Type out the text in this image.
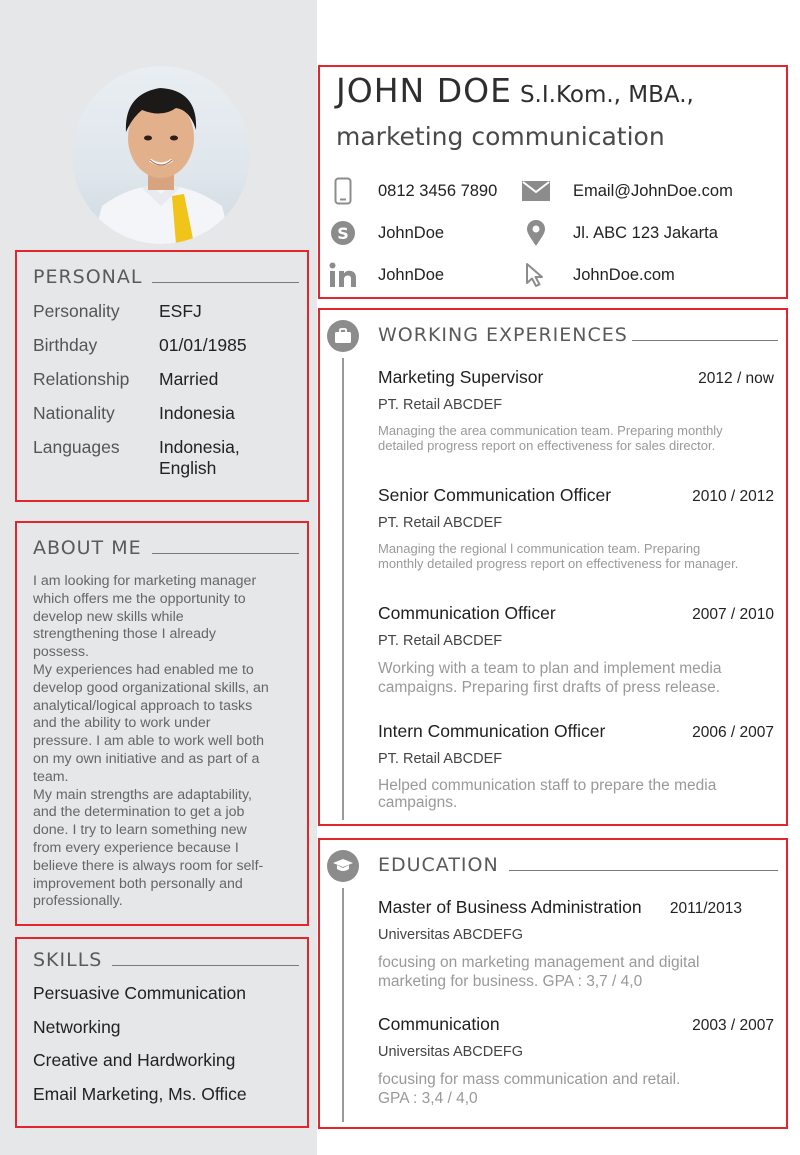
PERSONAL
Personality	ESFJ
Birthday	01/01/1985
Relationship	Married
Nationality	Indonesia
Languages	Indonesia,
English
ABOUT ME
I am looking for marketing manager
which offers me the opportunity to
develop new skills while
strengthening those I already
possess.
My experiences had enabled me to
develop good organizational skills, an
analytical/logical approach to tasks
and the ability to work under
pressure. I am able to work well both
on my own initiative and as part of a
team.
My main strengths are adaptability,
and the determination to get a job
done. I try to learn something new
from every experience because I
believe there is always room for self-
improvement both personally and
professionally.
SKILLS
Persuasive Communication
Networking
Creative and Hardworking
Email Marketing, Ms. Office
JOHN DOE S.I.Kom., MBA.,
marketing communication
0812 3456 7890	Email@JohnDoe.com
S JohnDoe	Jl. ABC 123 Jakarta
JohnDoe	JohnDoe.com
WORKING EXPERIENCES
Marketing Supervisor	2012 / now
PT. Retail ABCDEF
Managing the area communication team. Preparing monthly
detailed progress report on effectiveness for sales director.
Senior Communication Officer	2010 / 2012
PT. Retail ABCDEF
Managing the regional l communication team. Preparing
monthly detailed progress report on effectiveness for manager.
Communication Officer	2007 / 2010
PT. Retail ABCDEF
Working with a team to plan and implement media
campaigns. Preparing first drafts of press release.
Intern Communication Officer	2006 / 2007
PT. Retail ABCDEF
Helped communication staff to prepare the media
campaigns.
EDUCATION
Master of Business Administration 2011/2013
Universitas ABCDEFG
focusing on marketing management and digital
marketing for business. GPA : 3,7 / 4,0
Communication	2003 / 2007
Universitas ABCDEFG
focusing for mass communication and retail.
GPA : 3,4 / 4,0
